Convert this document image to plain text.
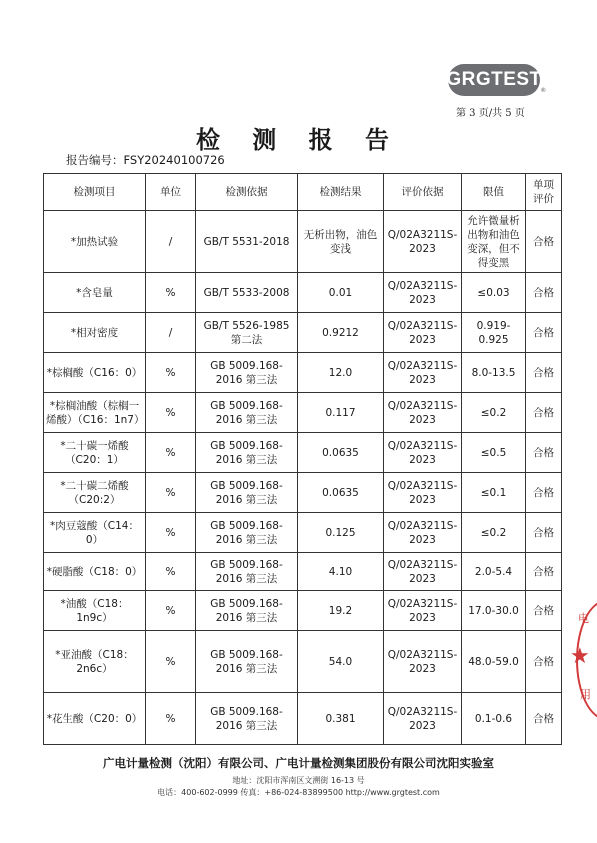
GRGTEST
®
第 3 页/共 5 页
检 测 报 告
报告编号：FSY20240100726
检测项目	单位	检测依据	检测结果	评价依据	限值	单项评价
*加热试验	/	GB/T 5531-2018	无析出物，油色变浅	Q/02A3211S-2023	允许微量析出物和油色变深，但不得变黑	合格
*含皂量	%	GB/T 5533-2008	0.01	Q/02A3211S-2023	≤0.03	合格
*相对密度	/	GB/T 5526-1985 第二法	0.9212	Q/02A3211S-2023	0.919-0.925	合格
*棕榈酸（C16：0）	%	GB 5009.168-2016 第三法	12.0	Q/02A3211S-2023	8.0-13.5	合格
*棕榈油酸（棕榈一烯酸）（C16：1n7）	%	GB 5009.168-2016 第三法	0.117	Q/02A3211S-2023	≤0.2	合格
*二十碳一烯酸（C20：1）	%	GB 5009.168-2016 第三法	0.0635	Q/02A3211S-2023	≤0.5	合格
*二十碳二烯酸（C20:2）	%	GB 5009.168-2016 第三法	0.0635	Q/02A3211S-2023	≤0.1	合格
*肉豆蔻酸（C14：0）	%	GB 5009.168-2016 第三法	0.125	Q/02A3211S-2023	≤0.2	合格
*硬脂酸（C18：0）	%	GB 5009.168-2016 第三法	4.10	Q/02A3211S-2023	2.0-5.4	合格
*油酸（C18：1n9c）	%	GB 5009.168-2016 第三法	19.2	Q/02A3211S-2023	17.0-30.0	合格
*亚油酸（C18：2n6c）	%	GB 5009.168-2016 第三法	54.0	Q/02A3211S-2023	48.0-59.0	合格
*花生酸（C20：0）	%	GB 5009.168-2016 第三法	0.381	Q/02A3211S-2023	0.1-0.6	合格
电
★
用
广电计量检测（沈阳）有限公司、广电计量检测集团股份有限公司沈阳实验室
地址：沈阳市浑南区文溯街 16-13 号
电话：400-602-0999 传真：+86-024-83899500 http://www.grgtest.com
